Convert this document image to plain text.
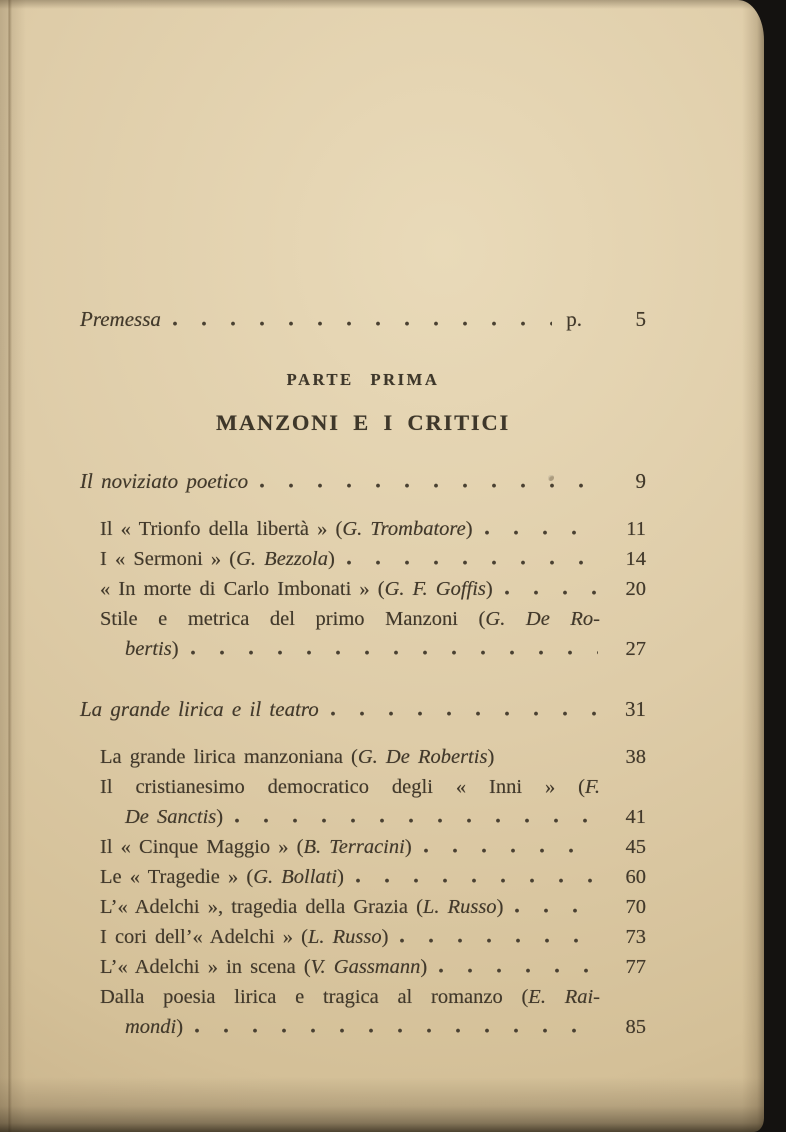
Premessa	p.	5
PARTE PRIMA
MANZONI E I CRITICI
Il noviziato poetico	9
Il « Trionfo della libertà » (G. Trombatore)	11
I « Sermoni » (G. Bezzola)	14
« In morte di Carlo Imbonati » (G. F. Goffis)	20
Stile e metrica del primo Manzoni (G. De Ro-
bertis)	27
La grande lirica e il teatro	31
La grande lirica manzoniana (G. De Robertis)	38
Il cristianesimo democratico degli « Inni » (F.
De Sanctis)	41
Il « Cinque Maggio » (B. Terracini)	45
Le « Tragedie » (G. Bollati)	60
L’« Adelchi », tragedia della Grazia (L. Russo)	70
I cori dell’« Adelchi » (L. Russo)	73
L’« Adelchi » in scena (V. Gassmann)	77
Dalla poesia lirica e tragica al romanzo (E. Rai-
mondi)	85
